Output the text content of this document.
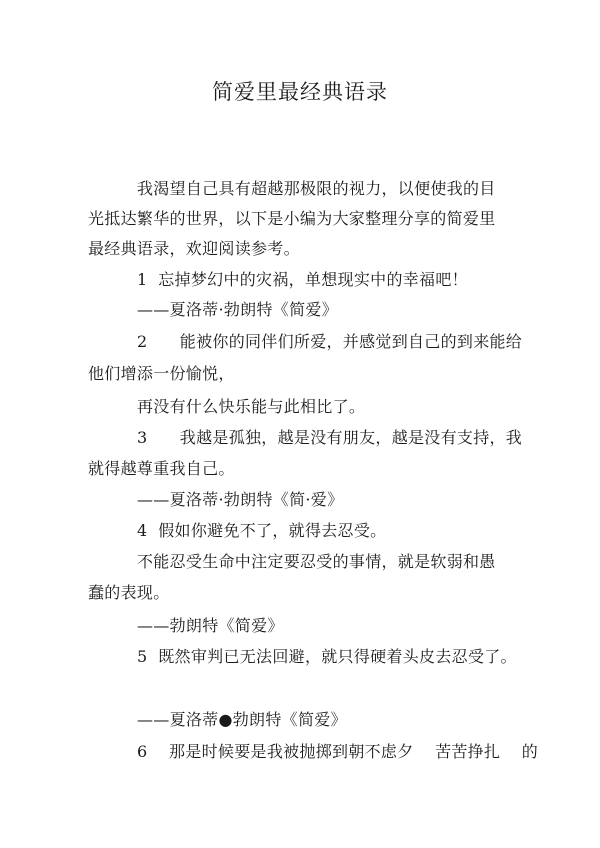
简爱里最经典语录

我渴望自己具有超越那极限的视力，以便使我的目

光抵达繁华的世界，以下是小编为大家整理分享的简爱里

最经典语录，欢迎阅读参考。

1  忘掉梦幻中的灾祸，单想现实中的幸福吧！

——夏洛蒂·勃朗特《简爱》

2      能被你的同伴们所爱，并感觉到自己的到来能给

他们增添一份愉悦，

再没有什么快乐能与此相比了。

3      我越是孤独，越是没有朋友，越是没有支持，我

就得越尊重我自己。

——夏洛蒂·勃朗特《简·爱》

4  假如你避免不了，就得去忍受。

不能忍受生命中注定要忍受的事情，就是软弱和愚

蠢的表现。

——勃朗特《简爱》

5  既然审判已无法回避，就只得硬着头皮去忍受了。

——夏洛蒂●勃朗特《简爱》

6    那是时候要是我被抛掷到朝不虑夕    苦苦挣扎    的
